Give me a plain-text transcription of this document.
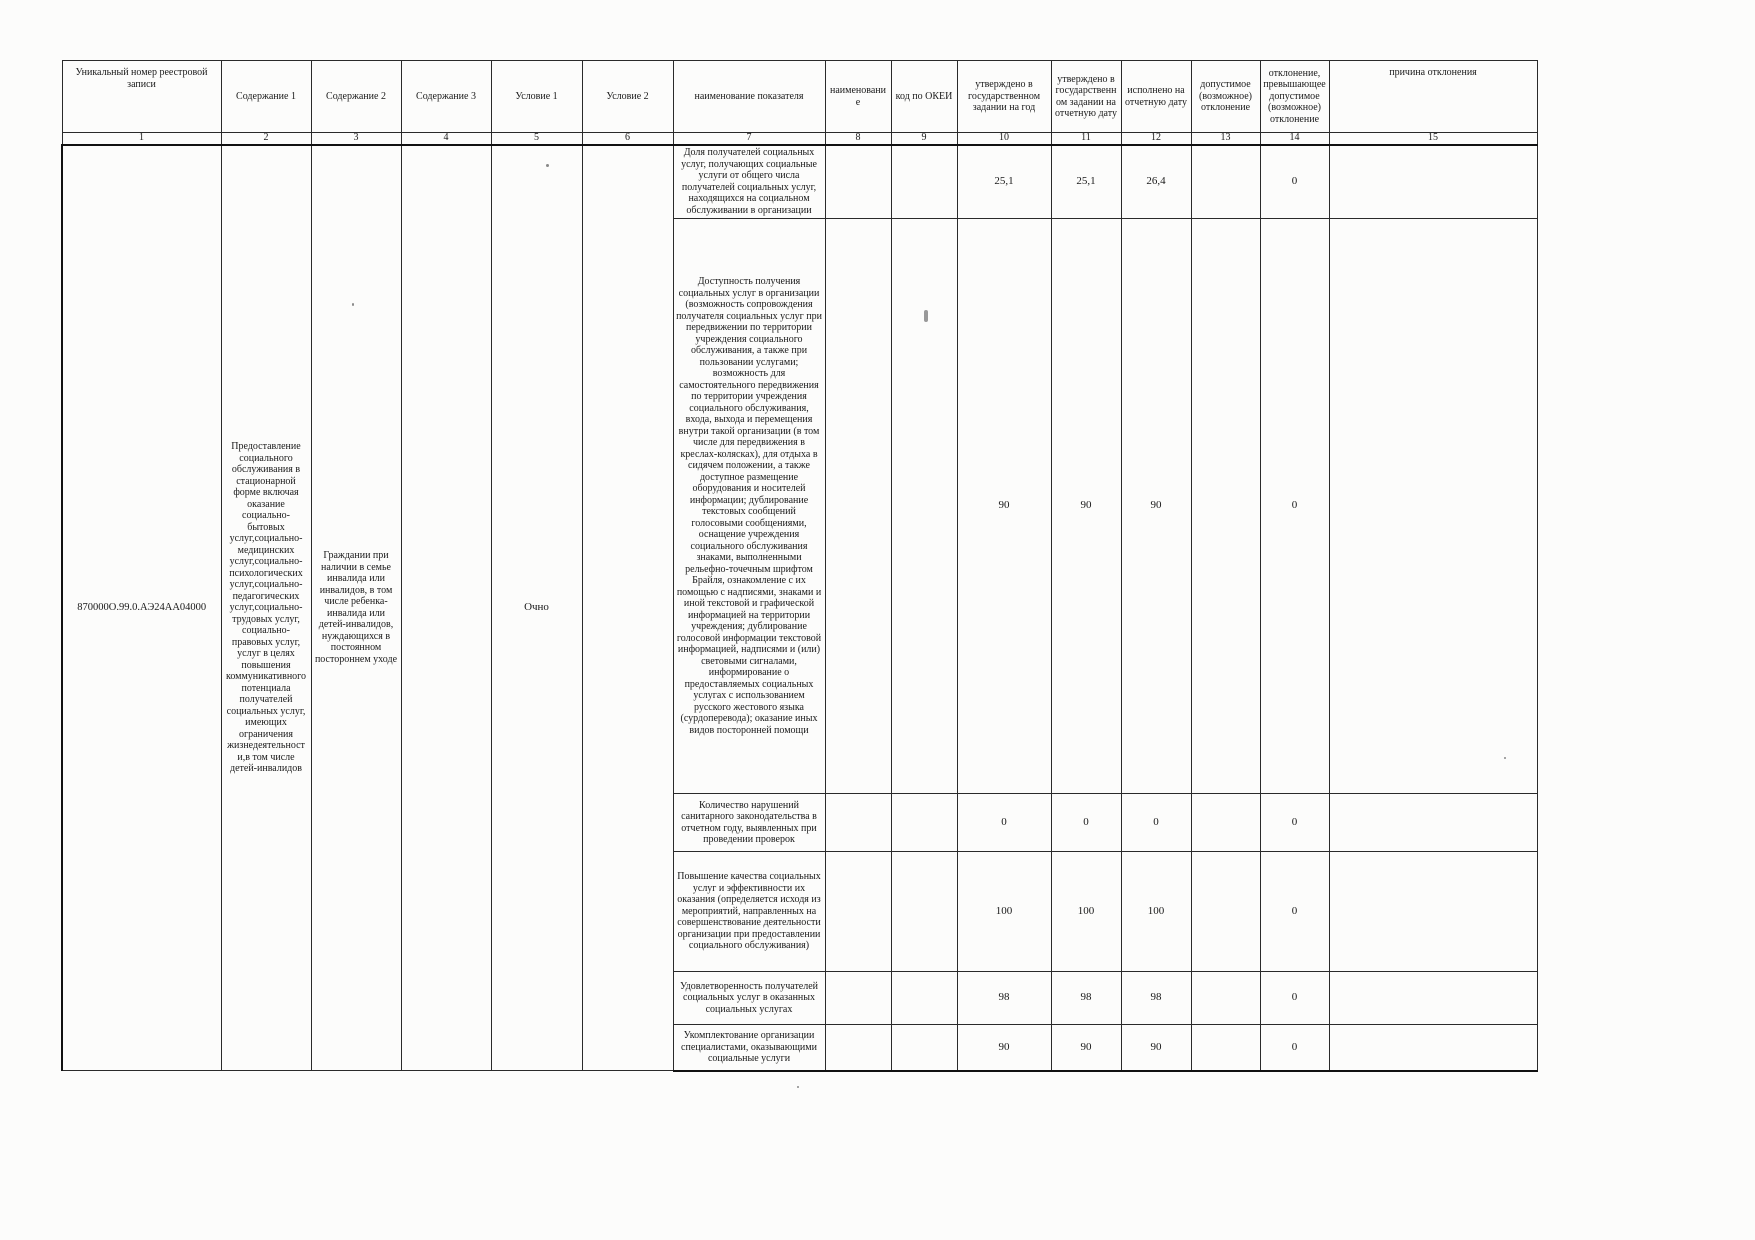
Уникальный номер реестровой записи	Содержание 1	Содержание 2	Содержание 3	Условие 1	Условие 2	наименование показателя	наименовани е	код по ОКЕИ	утверждено в государственном задании на год	утверждено в государственн ом задании на отчетную дату	исполнено на отчетную дату	допустимое (возможное) отклонение	отклонение, превышающее допустимое (возможное) отклонение	причина отклонения
1	2	3	4	5	6	7	8	9	10	11	12	13	14	15
870000О.99.0.АЭ24АА04000	Предоставление социального обслуживания в стационарной форме включая оказание социально-бытовых услуг,социально-медицинских услуг,социально-психологических услуг,социально-педагогических услуг,социально-трудовых услуг, социально-правовых услуг, услуг в целях повышения коммуникативного потенциала получателей социальных услуг, имеющих ограничения жизнедеятельност и,в том числе детей-инвалидов	Граждании при наличии в семье инвалида или инвалидов, в том числе ребенка-инвалида или детей-инвалидов, нуждающихся в постоянном постороннем уходе		Очно		Доля получателей социальных услуг, получающих социальные услуги от общего числа получателей социальных услуг, находящихся на социальном обслуживании в организации			25,1	25,1	26,4		0	
						Доступность получения социальных услуг в организации (возможность сопровождения получателя социальных услуг при передвижении по территории учреждения социального обслуживания, а также при пользовании услугами; возможность для самостоятельного передвижения по территории учреждения социального обслуживания, входа, выхода и перемещения внутри такой организации (в том числе для передвижения в креслах-колясках), для отдыха в сидячем положении, а также доступное размещение оборудования и носителей информации; дублирование текстовых сообщений голосовыми сообщениями, оснащение учреждения социального обслуживания знаками, выполненными рельефно-точечным шрифтом Брайля, ознакомление с их помощью с надписями, знаками и иной текстовой и графической информацией на территории учреждения; дублирование голосовой информации текстовой информацией, надписями и (или) световыми сигналами, информирование о предоставляемых социальных услугах с использованием русского жестового языка (сурдоперевода); оказание иных видов посторонней помощи			90	90	90		0	
						Количество нарушений санитарного законодательства в отчетном году, выявленных при проведении проверок			0	0	0		0	
						Повышение качества социальных услуг и эффективности их оказания (определяется исходя из мероприятий, направленных на совершенствование деятельности организации при предоставлении социального обслуживания)			100	100	100		0	
						Удовлетворенность получателей социальных услуг в оказанных социальных услугах			98	98	98		0	
						Укомплектование организации специалистами, оказывающими социальные услуги			90	90	90		0	
